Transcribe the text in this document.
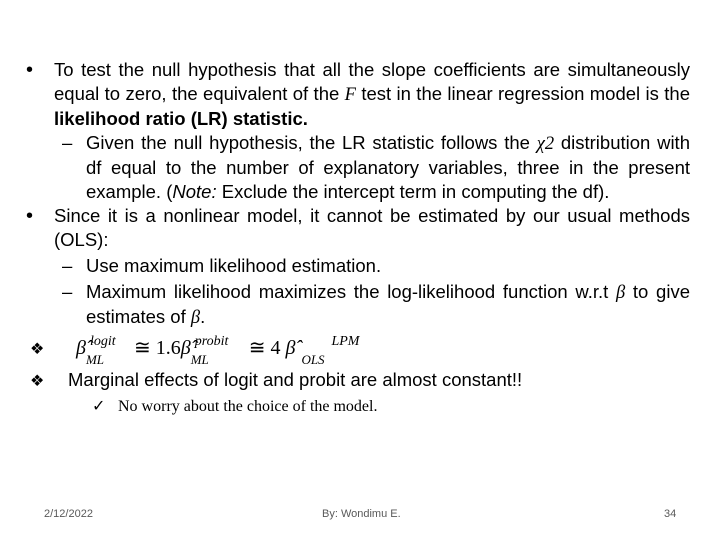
• To test the null hypothesis that all the slope coefficients are simultaneously equal to zero, the equivalent of the F test in the linear regression model is the likelihood ratio (LR) statistic.
– Given the null hypothesis, the LR statistic follows the χ2 distribution with df equal to the number of explanatory variables, three in the present example. (Note: Exclude the intercept term in computing the df).
• Since it is a nonlinear model, it cannot be estimated by our usual methods (OLS):
– Use maximum likelihood estimation.
– Maximum likelihood maximizes the log-likelihood function w.r.t β to give estimates of β.
❖ β̂ logit
ML
≅ 1.6β̂ probit
ML
≅ 4 β̂	LPM
OLS
❖ Marginal effects of logit and probit are almost constant!!
✓ No worry about the choice of the model.
2/12/2022	By: Wondimu E.	34
